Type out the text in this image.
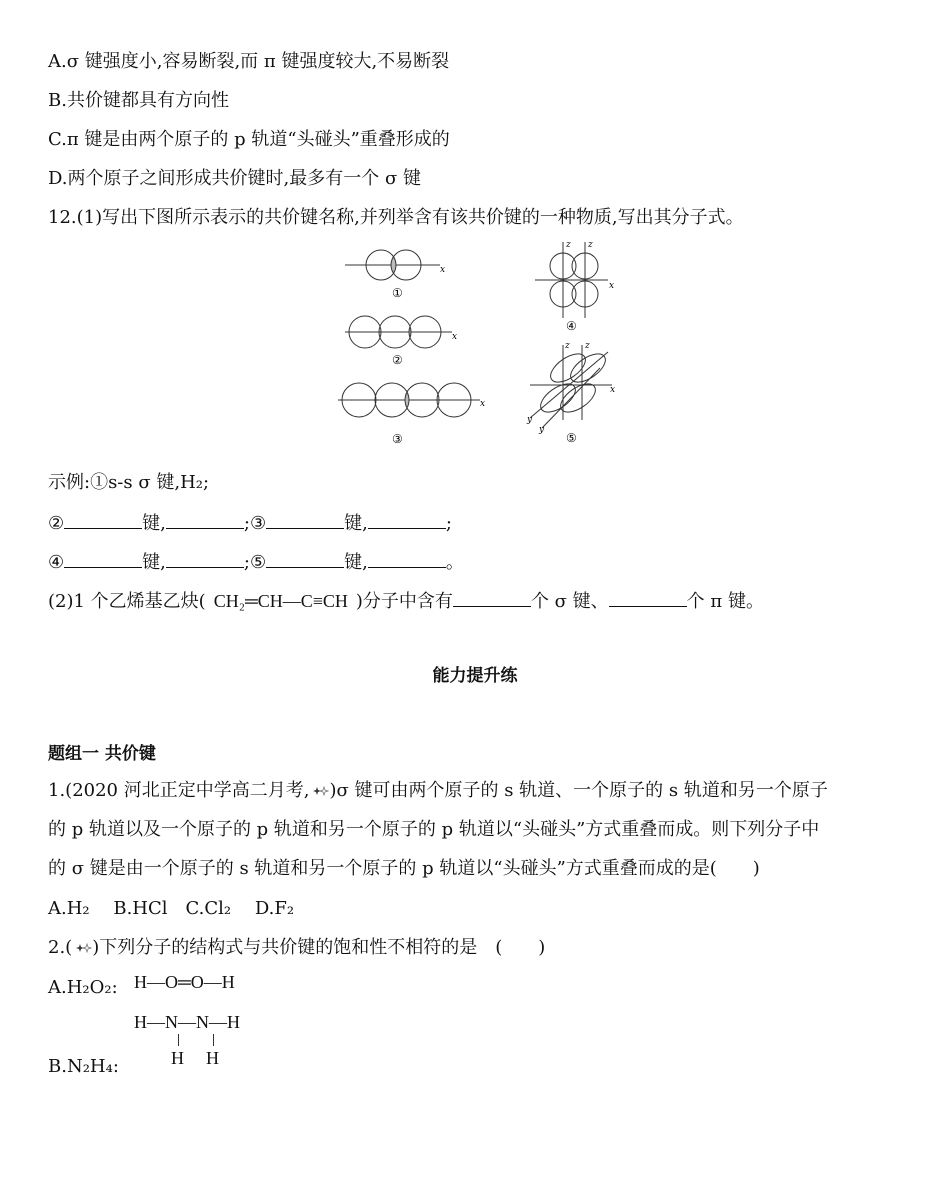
A.σ 键强度小,容易断裂,而 π 键强度较大,不易断裂
B.共价键都具有方向性
C.π 键是由两个原子的 p 轨道“头碰头”重叠形成的
D.两个原子之间形成共价键时,最多有一个 σ 键
12.(1)写出下图所示表示的共价键名称,并列举含有该共价键的一种物质,写出其分子式。
x
①
x
②
x
③
z z
x
④
z z
x
y
y
⑤
示例:①s-s σ 键,H₂;
②	键,	;③	键,	;
④	键,	;⑤	键,	。
(2)1 个乙烯基乙炔( CH₂═CH—C≡CH )分子中含有	个 σ 键、	个 π 键。
能力提升练
题组一 共价键
1.(2020 河北正定中学高二月考, )σ 键可由两个原子的 s 轨道、一个原子的 s 轨道和另一个原子
的 p 轨道以及一个原子的 p 轨道和另一个原子的 p 轨道以“头碰头”方式重叠而成。则下列分子中
的 σ 键是由一个原子的 s 轨道和另一个原子的 p 轨道以“头碰头”方式重叠而成的是(　　)
A.H₂　 B.HCl　C.Cl₂　 D.F₂
2.( )下列分子的结构式与共价键的饱和性不相符的是　(　　)
A.H₂O₂: H—O═O—H
H—N—N—H
H H
B.N₂H₄:
